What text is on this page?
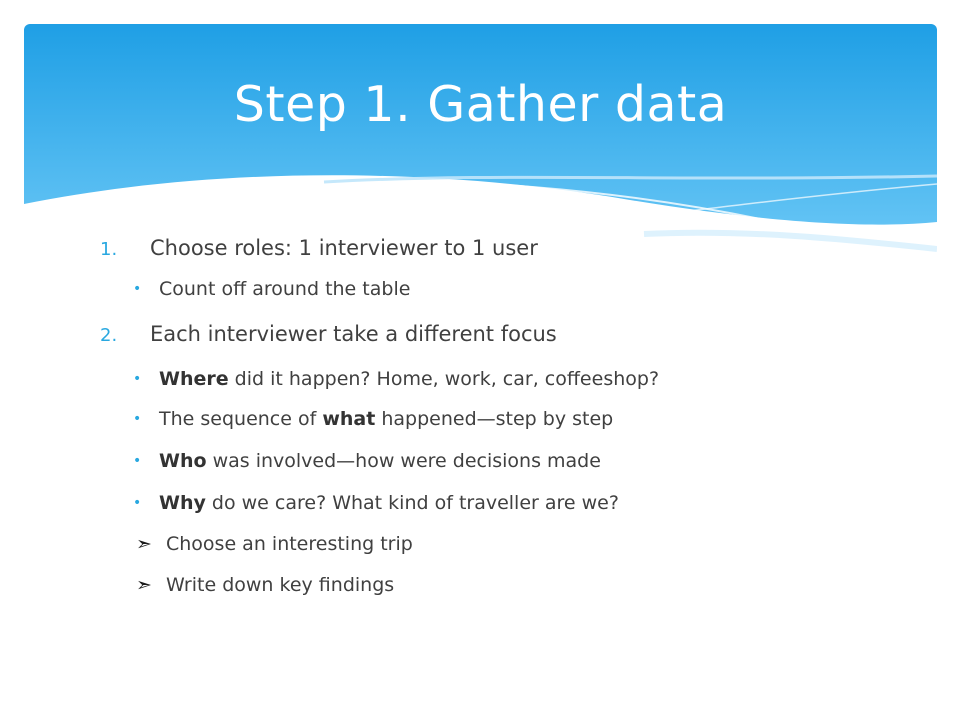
Step 1. Gather data
1. Choose roles: 1 interviewer to 1 user
• Count off around the table
2. Each interviewer take a different focus
• Where did it happen? Home, work, car, coffeeshop?
• The sequence of what happened—step by step
• Who was involved—how were decisions made
• Why do we care? What kind of traveller are we?
➣ Choose an interesting trip
➣ Write down key findings
